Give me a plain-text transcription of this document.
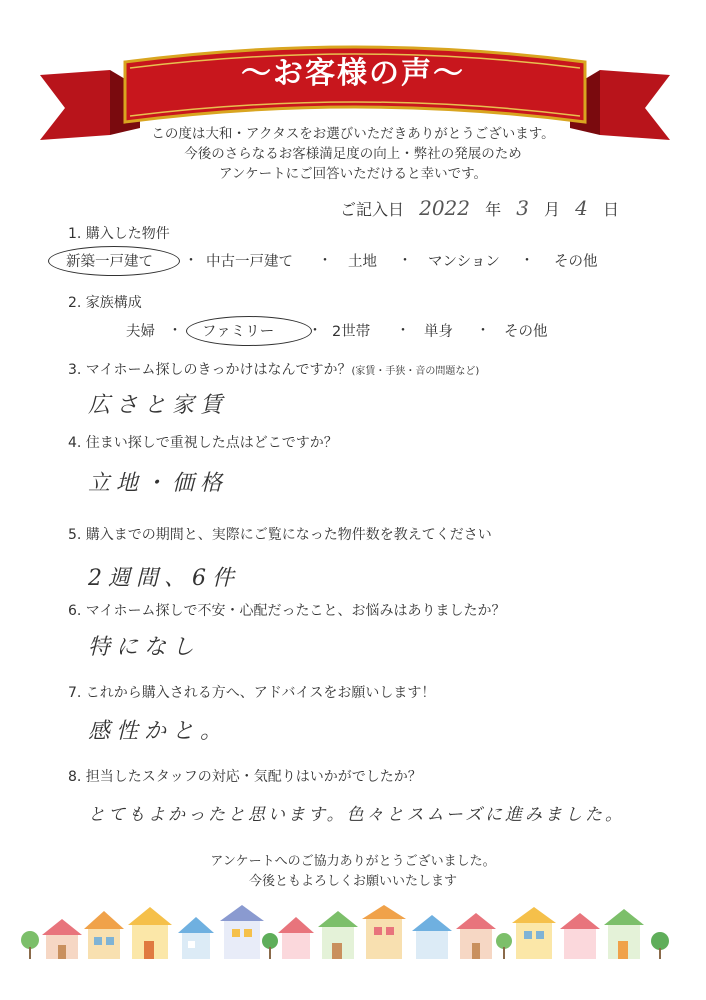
～お客様の声～
この度は大和・アクタスをお選びいただきありがとうございます。
今後のさらなるお客様満足度の向上・弊社の発展のため
アンケートにご回答いただけると幸いです。
ご記入日 2022 年 3 月 4 日
1. 購入した物件
新築一戸建て ・ 中古一戸建て ・ 土地 ・ マンション ・ その他
2. 家族構成
夫婦 ・ ファミリー ・ 2世帯 ・ 単身 ・ その他
3. マイホーム探しのきっかけはなんですか？(家賃・手狭・音の問題など)
広さと家賃
4. 住まい探しで重視した点はどこですか？
立地・価格
5. 購入までの期間と、実際にご覧になった物件数を教えてください
2週間、6件
6. マイホーム探しで不安・心配だったこと、お悩みはありましたか？
特になし
7. これから購入される方へ、アドバイスをお願いします！
感性かと。
8. 担当したスタッフの対応・気配りはいかがでしたか？
とてもよかったと思います。色々とスムーズに進みました。
アンケートへのご協力ありがとうございました。
今後ともよろしくお願いいたします
